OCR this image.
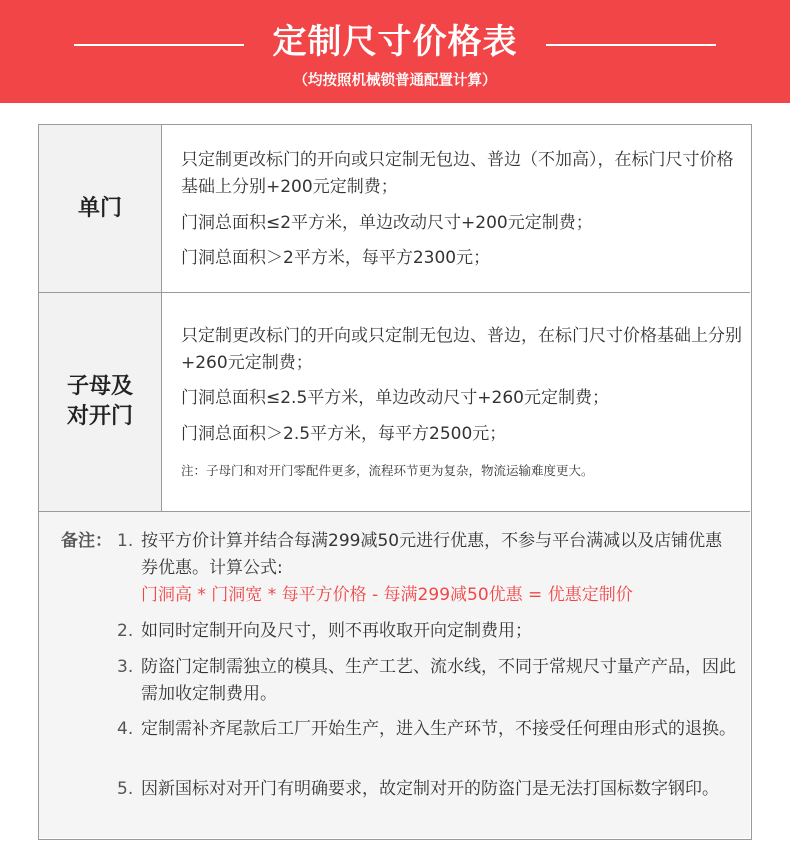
定制尺寸价格表
（均按照机械锁普通配置计算）
单门
只定制更改标门的开向或只定制无包边、普边（不加高），在标门尺寸价格基础上分别+200元定制费；
门洞总面积≤2平方米，单边改动尺寸+200元定制费；
门洞总面积＞2平方米，每平方2300元；
子母及对开门
只定制更改标门的开向或只定制无包边、普边，在标门尺寸价格基础上分别+260元定制费；
门洞总面积≤2.5平方米，单边改动尺寸+260元定制费；
门洞总面积＞2.5平方米，每平方2500元；
注：子母门和对开门零配件更多，流程环节更为复杂，物流运输难度更大。
备注： 1. 按平方价计算并结合每满299减50元进行优惠，不参与平台满减以及店铺优惠券优惠。计算公式:
门洞高 * 门洞宽 * 每平方价格 - 每满299减50优惠 = 优惠定制价
2. 如同时定制开向及尺寸，则不再收取开向定制费用；
3. 防盗门定制需独立的模具、生产工艺、流水线，不同于常规尺寸量产产品，因此需加收定制费用。
4. 定制需补齐尾款后工厂开始生产，进入生产环节，不接受任何理由形式的退换。
5. 因新国标对对开门有明确要求，故定制对开的防盗门是无法打国标数字钢印。
